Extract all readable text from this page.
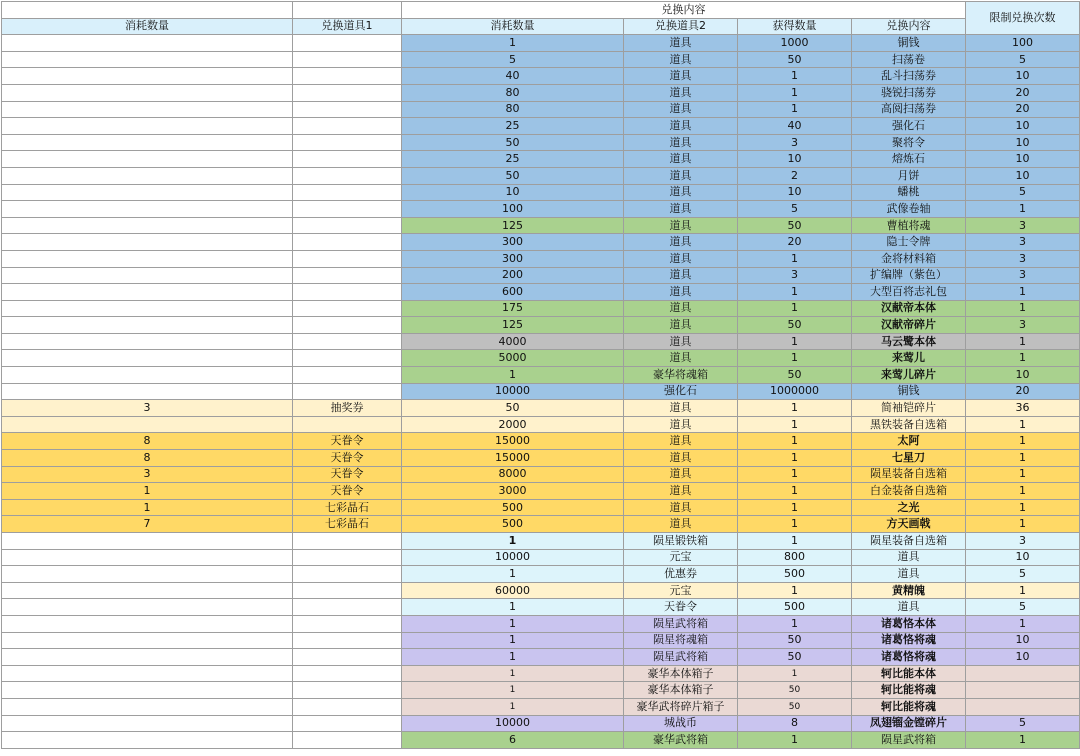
		兑换内容				限制兑换次数
消耗数量	兑换道具1	消耗数量	兑换道具2	获得数量	兑换内容	
		1	道具	1000	铜钱	100
		5	道具	50	扫荡卷	5
		40	道具	1	乱斗扫荡券	10
		80	道具	1	骁锐扫荡券	20
		80	道具	1	高阅扫荡券	20
		25	道具	40	强化石	10
		50	道具	3	聚将令	10
		25	道具	10	熔炼石	10
		50	道具	2	月饼	10
		10	道具	10	蟠桃	5
		100	道具	5	武像卷轴	1
		125	道具	50	曹植将魂	3
		300	道具	20	隐士令牌	3
		300	道具	1	金将材料箱	3
		200	道具	3	扩编牌（紫色）	3
		600	道具	1	大型百将志礼包	1
		175	道具	1	汉献帝本体	1
		125	道具	50	汉献帝碎片	3
		4000	道具	1	马云鹭本体	1
		5000	道具	1	来莺儿	1
		1	豪华将魂箱	50	来莺儿碎片	10
		10000	强化石	1000000	铜钱	20
3	抽奖券	50	道具	1	简袖铠碎片	36
		2000	道具	1	黑铁装备自选箱	1
8	天眷令	15000	道具	1	太阿	1
8	天眷令	15000	道具	1	七星刀	1
3	天眷令	8000	道具	1	陨星装备自选箱	1
1	天眷令	3000	道具	1	白金装备自选箱	1
1	七彩晶石	500	道具	1	之光	1
7	七彩晶石	500	道具	1	方天画戟	1
		1	陨星锻铁箱	1	陨星装备自选箱	3
		10000	元宝	800	道具	10
		1	优惠券	500	道具	5
		60000	元宝	1	黄精魄	1
		1	天眷令	500	道具	5
		1	陨星武将箱	1	诸葛恪本体	1
		1	陨星将魂箱	50	诸葛恪将魂	10
		1	陨星武将箱	50	诸葛恪将魂	10
		1	豪华本体箱子	1	轲比能本体	
		1	豪华本体箱子	50	轲比能将魂	
		1	豪华武将碎片箱子	50	轲比能将魂	
		10000	城战币	8	凤翅镏金镗碎片	5
		6	豪华武将箱	1	陨星武将箱	1
